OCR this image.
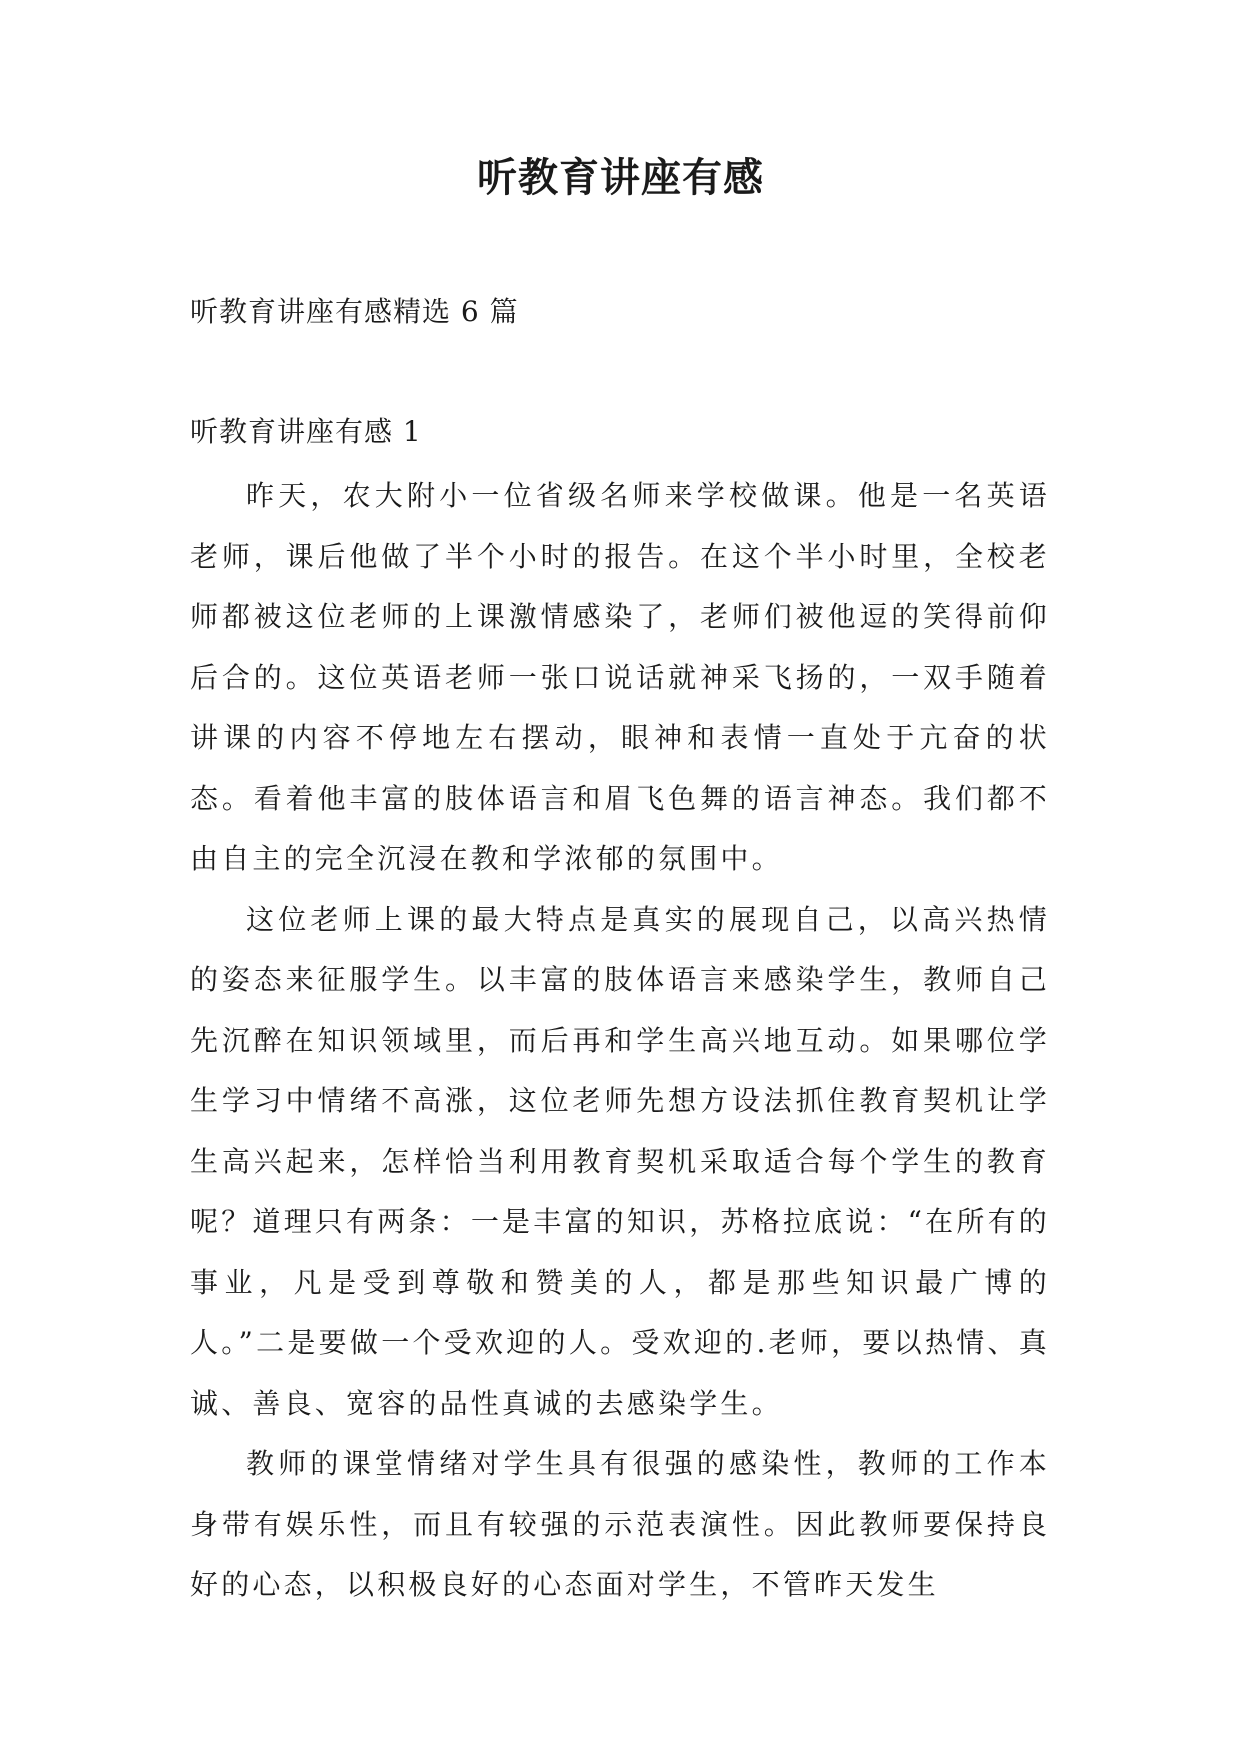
听教育讲座有感
听教育讲座有感精选 6 篇
听教育讲座有感 1

昨天，农大附小一位省级名师来学校做课。他是一名英语老师，课后他做了半个小时的报告。在这个半小时里，全校老师都被这位老师的上课激情感染了，老师们被他逗的笑得前仰后合的。这位英语老师一张口说话就神采飞扬的，一双手随着讲课的内容不停地左右摆动，眼神和表情一直处于亢奋的状态。看着他丰富的肢体语言和眉飞色舞的语言神态。我们都不由自主的完全沉浸在教和学浓郁的氛围中。

这位老师上课的最大特点是真实的展现自己，以高兴热情的姿态来征服学生。以丰富的肢体语言来感染学生，教师自己先沉醉在知识领域里，而后再和学生高兴地互动。如果哪位学生学习中情绪不高涨，这位老师先想方设法抓住教育契机让学生高兴起来，怎样恰当利用教育契机采取适合每个学生的教育呢？道理只有两条：一是丰富的知识，苏格拉底说：“在所有的事业，凡是受到尊敬和赞美的人，都是那些知识最广博的人。”二是要做一个受欢迎的人。受欢迎的.老师，要以热情、真诚、善良、宽容的品性真诚的去感染学生。

教师的课堂情绪对学生具有很强的感染性，教师的工作本身带有娱乐性，而且有较强的示范表演性。因此教师要保持良好的心态，以积极良好的心态面对学生，不管昨天发生
